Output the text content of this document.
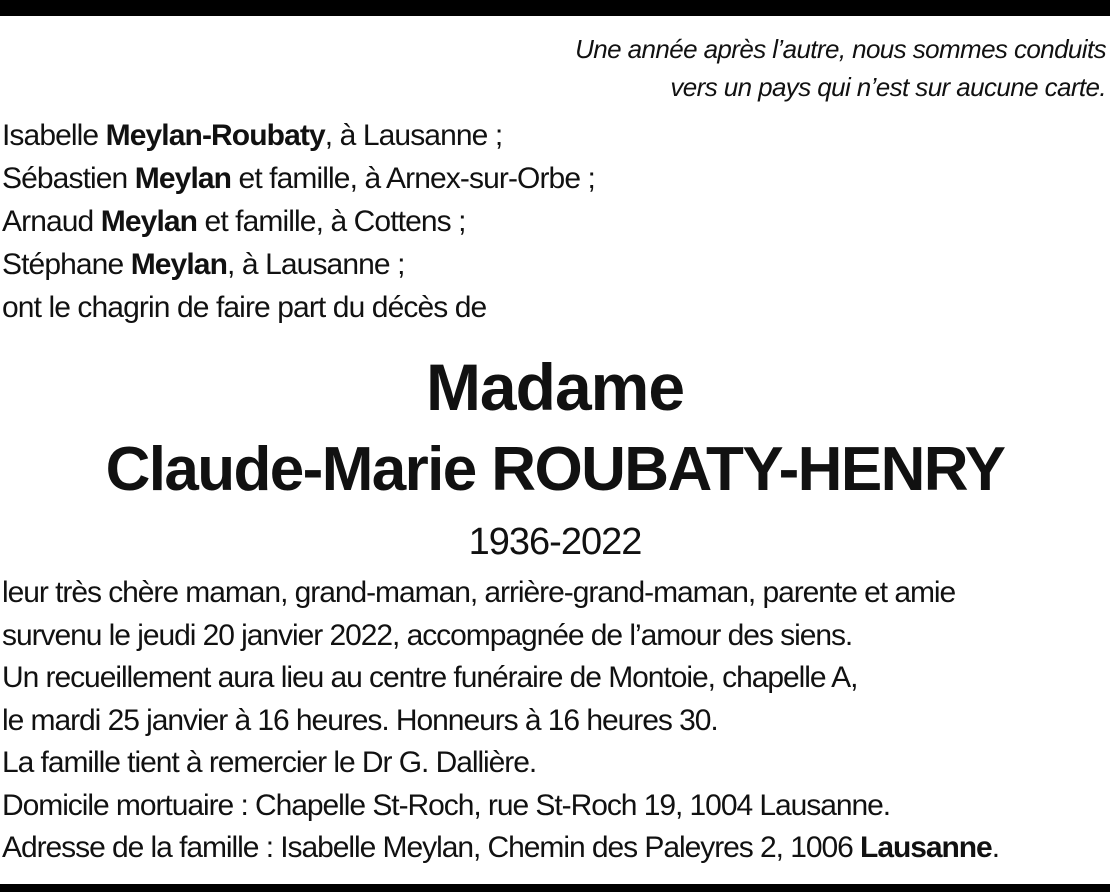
Une année après l’autre, nous sommes conduits
vers un pays qui n’est sur aucune carte.
Isabelle Meylan-Roubaty, à Lausanne ;
Sébastien Meylan et famille, à Arnex-sur-Orbe ;
Arnaud Meylan et famille, à Cottens ;
Stéphane Meylan, à Lausanne ;
ont le chagrin de faire part du décès de
Madame
Claude-Marie ROUBATY-HENRY
1936-2022
leur très chère maman, grand-maman, arrière-grand-maman, parente et amie
survenu le jeudi 20 janvier 2022, accompagnée de l’amour des siens.
Un recueillement aura lieu au centre funéraire de Montoie, chapelle A,
le mardi 25 janvier à 16 heures. Honneurs à 16 heures 30.
La famille tient à remercier le Dr G. Dallière.
Domicile mortuaire : Chapelle St-Roch, rue St-Roch 19, 1004 Lausanne.
Adresse de la famille : Isabelle Meylan, Chemin des Paleyres 2, 1006 Lausanne.
